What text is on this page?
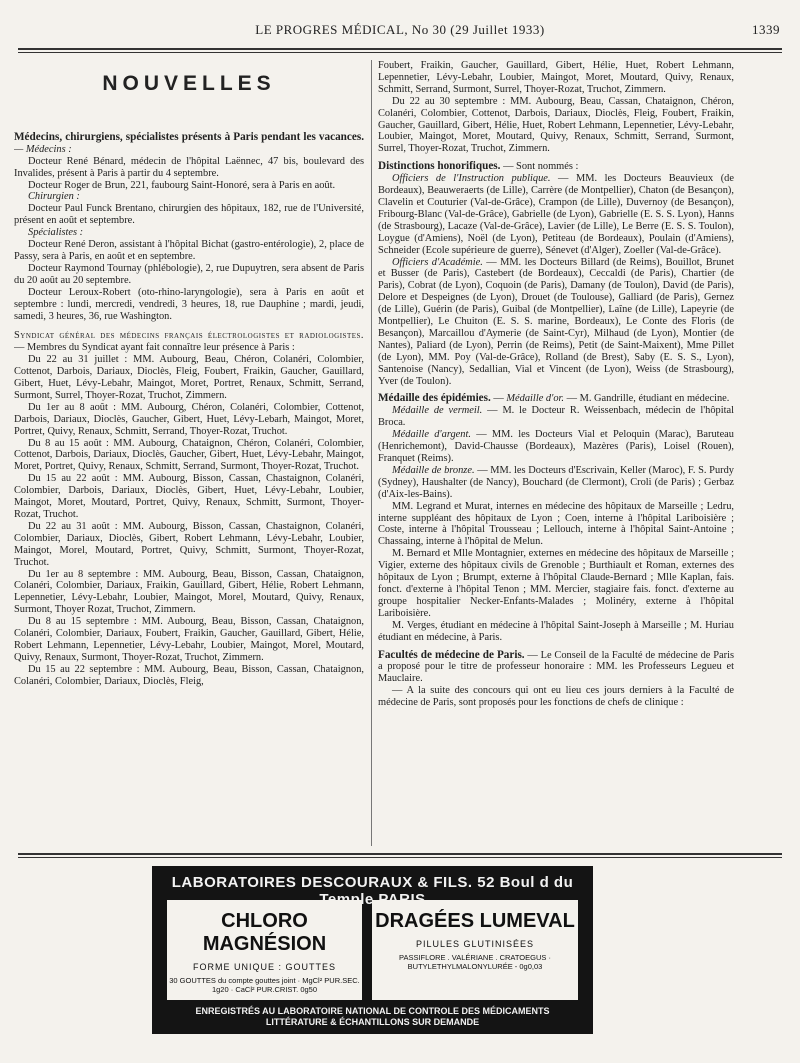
LE PROGRES MÉDICAL, No 30 (29 Juillet 1933)	1339
NOUVELLES

Médecins, chirurgiens, spécialistes présents à Paris pendant les vacances. — Médecins :

Docteur René Bénard, médecin de l'hôpital Laënnec, 47 bis, boulevard des Invalides, présent à Paris à partir du 4 septembre.

Docteur Roger de Brun, 221, faubourg Saint-Honoré, sera à Paris en août.

Chirurgien :

Docteur Paul Funck Brentano, chirurgien des hôpitaux, 182, rue de l'Université, présent en août et septembre.

Spécialistes :

Docteur René Deron, assistant à l'hôpital Bichat (gastro-entérologie), 2, place de Passy, sera à Paris, en août et en septembre.

Docteur Raymond Tournay (phlébologie), 2, rue Dupuytren, sera absent de Paris du 20 août au 20 septembre.

Docteur Leroux-Robert (oto-rhino-laryngologie), sera à Paris en août et septembre : lundi, mercredi, vendredi, 3 heures, 18, rue Dauphine ; mardi, jeudi, samedi, 3 heures, 36, rue Washington.

Syndicat général des médecins français électrologistes et radiologistes. — Membres du Syndicat ayant fait connaître leur présence à Paris :

Du 22 au 31 juillet : MM. Aubourg, Beau, Chéron, Colanéri, Colombier, Cottenot, Darbois, Dariaux, Dioclès, Fleig, Foubert, Fraikin, Gaucher, Gauillard, Gibert, Huet, Lévy-Lebahr, Maingot, Moret, Portret, Renaux, Schmitt, Serrand, Surmont, Surrel, Thoyer-Rozat, Truchot, Zimmern.

Du 1er au 8 août : MM. Aubourg, Chéron, Colanéri, Colombier, Cottenot, Darbois, Dariaux, Dioclès, Gaucher, Gibert, Huet, Lévy-Lebarh, Maingot, Moret, Portret, Quivy, Renaux, Schmitt, Serrand, Thoyer-Rozat, Truchot.

Du 8 au 15 août : MM. Aubourg, Chataignon, Chéron, Colanéri, Colombier, Cottenot, Darbois, Dariaux, Dioclès, Gaucher, Gibert, Huet, Lévy-Lebahr, Maingot, Moret, Portret, Quivy, Renaux, Schmitt, Serrand, Surmont, Thoyer-Rozat, Truchot.

Du 15 au 22 août : MM. Aubourg, Bisson, Cassan, Chastaignon, Colanéri, Colombier, Darbois, Dariaux, Dioclès, Gibert, Huet, Lévy-Lebahr, Loubier, Maingot, Moret, Moutard, Portret, Quivy, Renaux, Schmitt, Surmont, Thoyer-Rozat, Truchot.

Du 22 au 31 août : MM. Aubourg, Bisson, Cassan, Chastaignon, Colanéri, Colombier, Dariaux, Dioclès, Gibert, Robert Lehmann, Lévy-Lebahr, Loubier, Maingot, Morel, Moutard, Portret, Quivy, Schmitt, Surmont, Thoyer-Rozat, Truchot.

Du 1er au 8 septembre : MM. Aubourg, Beau, Bisson, Cassan, Chataignon, Colanéri, Colombier, Dariaux, Fraikin, Gauillard, Gibert, Hélie, Robert Lehmann, Lepennetier, Lévy-Lebahr, Loubier, Maingot, Morel, Moutard, Quivy, Renaux, Surmont, Thoyer Rozat, Truchot, Zimmern.

Du 8 au 15 septembre : MM. Aubourg, Beau, Bisson, Cassan, Chataignon, Colanéri, Colombier, Dariaux, Foubert, Fraikin, Gaucher, Gauillard, Gibert, Hélie, Robert Lehmann, Lepennetier, Lévy-Lebahr, Loubier, Maingot, Morel, Moutard, Quivy, Renaux, Surmont, Thoyer-Rozat, Truchot, Zimmern.

Du 15 au 22 septembre : MM. Aubourg, Beau, Bisson, Cassan, Chataignon, Colanéri, Colombier, Dariaux, Dioclès, Fleig,

Foubert, Fraikin, Gaucher, Gauillard, Gibert, Hélie, Huet, Robert Lehmann, Lepennetier, Lévy-Lebahr, Loubier, Maingot, Moret, Moutard, Quivy, Renaux, Schmitt, Serrand, Surmont, Surrel, Thoyer-Rozat, Truchot, Zimmern.

Du 22 au 30 septembre : MM. Aubourg, Beau, Cassan, Chataignon, Chéron, Colanéri, Colombier, Cottenot, Darbois, Dariaux, Dioclès, Fleig, Foubert, Fraikin, Gaucher, Gauillard, Gibert, Hélie, Huet, Robert Lehmann, Lepennetier, Lévy-Lebahr, Loubier, Maingot, Moret, Moutard, Quivy, Renaux, Schmitt, Serrand, Surmont, Surrel, Thoyer-Rozat, Truchot, Zimmern.

Distinctions honorifiques. — Sont nommés :

Officiers de l'Instruction publique. — MM. les Docteurs Beauvieux (de Bordeaux), Beauweraerts (de Lille), Carrère (de Montpellier), Chaton (de Besançon), Clavelin et Couturier (Val-de-Grâce), Crampon (de Lille), Duvernoy (de Besançon), Fribourg-Blanc (Val-de-Grâce), Gabrielle (de Lyon), Gabrielle (E. S. S. Lyon), Hanns (de Strasbourg), Lacaze (Val-de-Grâce), Lavier (de Lille), Le Berre (E. S. S. Toulon), Loygue (d'Amiens), Noël (de Lyon), Petiteau (de Bordeaux), Poulain (d'Amiens), Schneider (Ecole supérieure de guerre), Sénevet (d'Alger), Zoeller (Val-de-Grâce).

Officiers d'Académie. — MM. les Docteurs Billard (de Reims), Bouillot, Brunet et Busser (de Paris), Castebert (de Bordeaux), Ceccaldi (de Paris), Chartier (de Paris), Cobrat (de Lyon), Coquoin (de Paris), Damany (de Toulon), David (de Paris), Delore et Despeignes (de Lyon), Drouet (de Toulouse), Galliard (de Paris), Gernez (de Lille), Guérin (de Paris), Guibal (de Montpellier), Laîne (de Lille), Lapeyrie (de Montpellier), Le Chuiton (E. S. S. marine, Bordeaux), Le Conte des Floris (de Besançon), Marcaillou d'Aymerie (de Saint-Cyr), Milhaud (de Lyon), Montier (de Nantes), Paliard (de Lyon), Perrin (de Reims), Petit (de Saint-Maixent), Mme Pillet (de Lyon), MM. Poy (Val-de-Grâce), Rolland (de Brest), Saby (E. S. S., Lyon), Santenoise (Nancy), Sedallian, Vial et Vincent (de Lyon), Weiss (de Strasbourg), Yver (de Toulon).

Médaille des épidémies. — Médaille d'or. — M. Gandrille, étudiant en médecine.

Médaille de vermeil. — M. le Docteur R. Weissenbach, médecin de l'hôpital Broca.

Médaille d'argent. — MM. les Docteurs Vial et Peloquin (Marac), Baruteau (Henrichemont), David-Chausse (Bordeaux), Mazères (Paris), Loisel (Rouen), Franquet (Reims).

Médaille de bronze. — MM. les Docteurs d'Escrivain, Keller (Maroc), F. S. Purdy (Sydney), Haushalter (de Nancy), Bouchard (de Clermont), Croli (de Paris) ; Gerbaz (d'Aix-les-Bains).

MM. Legrand et Murat, internes en médecine des hôpitaux de Marseille ; Ledru, interne suppléant des hôpitaux de Lyon ; Coen, interne à l'hôpital Lariboisière ; Coste, interne à l'hôpital Trousseau ; Lellouch, interne à l'hôpital Saint-Antoine ; Chassaing, interne à l'hôpital de Melun.

M. Bernard et Mlle Montagnier, externes en médecine des hôpitaux de Marseille ; Vigier, externe des hôpitaux civils de Grenoble ; Burthiault et Roman, externes des hôpitaux de Lyon ; Brumpt, externe à l'hôpital Claude-Bernard ; Mlle Kaplan, fais. fonct. d'externe à l'hôpital Tenon ; MM. Mercier, stagiaire fais. fonct. d'externe au groupe hospitalier Necker-Enfants-Malades ; Molinéry, externe à l'hôpital Lariboisière.

M. Verges, étudiant en médecine à l'hôpital Saint-Joseph à Marseille ; M. Huriau étudiant en médecine, à Paris.

Facultés de médecine de Paris. — Le Conseil de la Faculté de médecine de Paris a proposé pour le titre de professeur honoraire : MM. les Professeurs Legueu et Mauclaire.

— A la suite des concours qui ont eu lieu ces jours derniers à la Faculté de médecine de Paris, sont proposés pour les fonctions de chefs de clinique :

LABORATOIRES DESCOURAUX & FILS. 52 Boul d du
CHLORO MAGNÉSION
FORME UNIQUE : GOUTTES
30 GOUTTES du compte gouttes joint · MgCl² PUR.SEC. 1g20 · CaCl² PUR.CRIST. 0g50
DRAGÉES LUMEVAL
PILULES GLUTINISÉES
PASSIFLORE . VALÉRIANE . CRATOEGUS · BUTYLETHYLMALONYLURÉE - 0g0,03
ENREGISTRÉS AU LABORATOIRE NATIONAL DE CONTROLE DES MÉDICAMENTS
LITTÉRATURE & ÉCHANTILLONS SUR DEMANDE
